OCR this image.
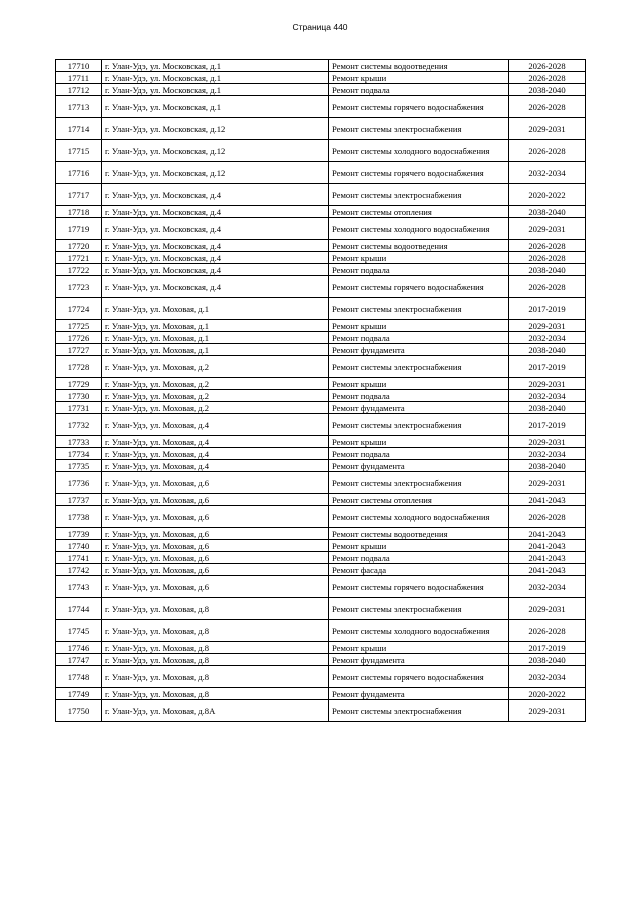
Страница 440
17710	г. Улан-Удэ, ул. Московская, д.1	Ремонт системы водоотведения	2026-2028
17711	г. Улан-Удэ, ул. Московская, д.1	Ремонт крыши	2026-2028
17712	г. Улан-Удэ, ул. Московская, д.1	Ремонт подвала	2038-2040
17713	г. Улан-Удэ, ул. Московская, д.1	Ремонт системы горячего водоснабжения	2026-2028
17714	г. Улан-Удэ, ул. Московская, д.12	Ремонт системы электроснабжения	2029-2031
17715	г. Улан-Удэ, ул. Московская, д.12	Ремонт системы холодного водоснабжения	2026-2028
17716	г. Улан-Удэ, ул. Московская, д.12	Ремонт системы горячего водоснабжения	2032-2034
17717	г. Улан-Удэ, ул. Московская, д.4	Ремонт системы электроснабжения	2020-2022
17718	г. Улан-Удэ, ул. Московская, д.4	Ремонт системы отопления	2038-2040
17719	г. Улан-Удэ, ул. Московская, д.4	Ремонт системы холодного водоснабжения	2029-2031
17720	г. Улан-Удэ, ул. Московская, д.4	Ремонт системы водоотведения	2026-2028
17721	г. Улан-Удэ, ул. Московская, д.4	Ремонт крыши	2026-2028
17722	г. Улан-Удэ, ул. Московская, д.4	Ремонт подвала	2038-2040
17723	г. Улан-Удэ, ул. Московская, д.4	Ремонт системы горячего водоснабжения	2026-2028
17724	г. Улан-Удэ, ул. Моховая, д.1	Ремонт системы электроснабжения	2017-2019
17725	г. Улан-Удэ, ул. Моховая, д.1	Ремонт крыши	2029-2031
17726	г. Улан-Удэ, ул. Моховая, д.1	Ремонт подвала	2032-2034
17727	г. Улан-Удэ, ул. Моховая, д.1	Ремонт фундамента	2038-2040
17728	г. Улан-Удэ, ул. Моховая, д.2	Ремонт системы электроснабжения	2017-2019
17729	г. Улан-Удэ, ул. Моховая, д.2	Ремонт крыши	2029-2031
17730	г. Улан-Удэ, ул. Моховая, д.2	Ремонт подвала	2032-2034
17731	г. Улан-Удэ, ул. Моховая, д.2	Ремонт фундамента	2038-2040
17732	г. Улан-Удэ, ул. Моховая, д.4	Ремонт системы электроснабжения	2017-2019
17733	г. Улан-Удэ, ул. Моховая, д.4	Ремонт крыши	2029-2031
17734	г. Улан-Удэ, ул. Моховая, д.4	Ремонт подвала	2032-2034
17735	г. Улан-Удэ, ул. Моховая, д.4	Ремонт фундамента	2038-2040
17736	г. Улан-Удэ, ул. Моховая, д.6	Ремонт системы электроснабжения	2029-2031
17737	г. Улан-Удэ, ул. Моховая, д.6	Ремонт системы отопления	2041-2043
17738	г. Улан-Удэ, ул. Моховая, д.6	Ремонт системы холодного водоснабжения	2026-2028
17739	г. Улан-Удэ, ул. Моховая, д.6	Ремонт системы водоотведения	2041-2043
17740	г. Улан-Удэ, ул. Моховая, д.6	Ремонт крыши	2041-2043
17741	г. Улан-Удэ, ул. Моховая, д.6	Ремонт подвала	2041-2043
17742	г. Улан-Удэ, ул. Моховая, д.6	Ремонт фасада	2041-2043
17743	г. Улан-Удэ, ул. Моховая, д.6	Ремонт системы горячего водоснабжения	2032-2034
17744	г. Улан-Удэ, ул. Моховая, д.8	Ремонт системы электроснабжения	2029-2031
17745	г. Улан-Удэ, ул. Моховая, д.8	Ремонт системы холодного водоснабжения	2026-2028
17746	г. Улан-Удэ, ул. Моховая, д.8	Ремонт крыши	2017-2019
17747	г. Улан-Удэ, ул. Моховая, д.8	Ремонт фундамента	2038-2040
17748	г. Улан-Удэ, ул. Моховая, д.8	Ремонт системы горячего водоснабжения	2032-2034
17749	г. Улан-Удэ, ул. Моховая, д.8	Ремонт фундамента	2020-2022
17750	г. Улан-Удэ, ул. Моховая, д.8А	Ремонт системы электроснабжения	2029-2031
